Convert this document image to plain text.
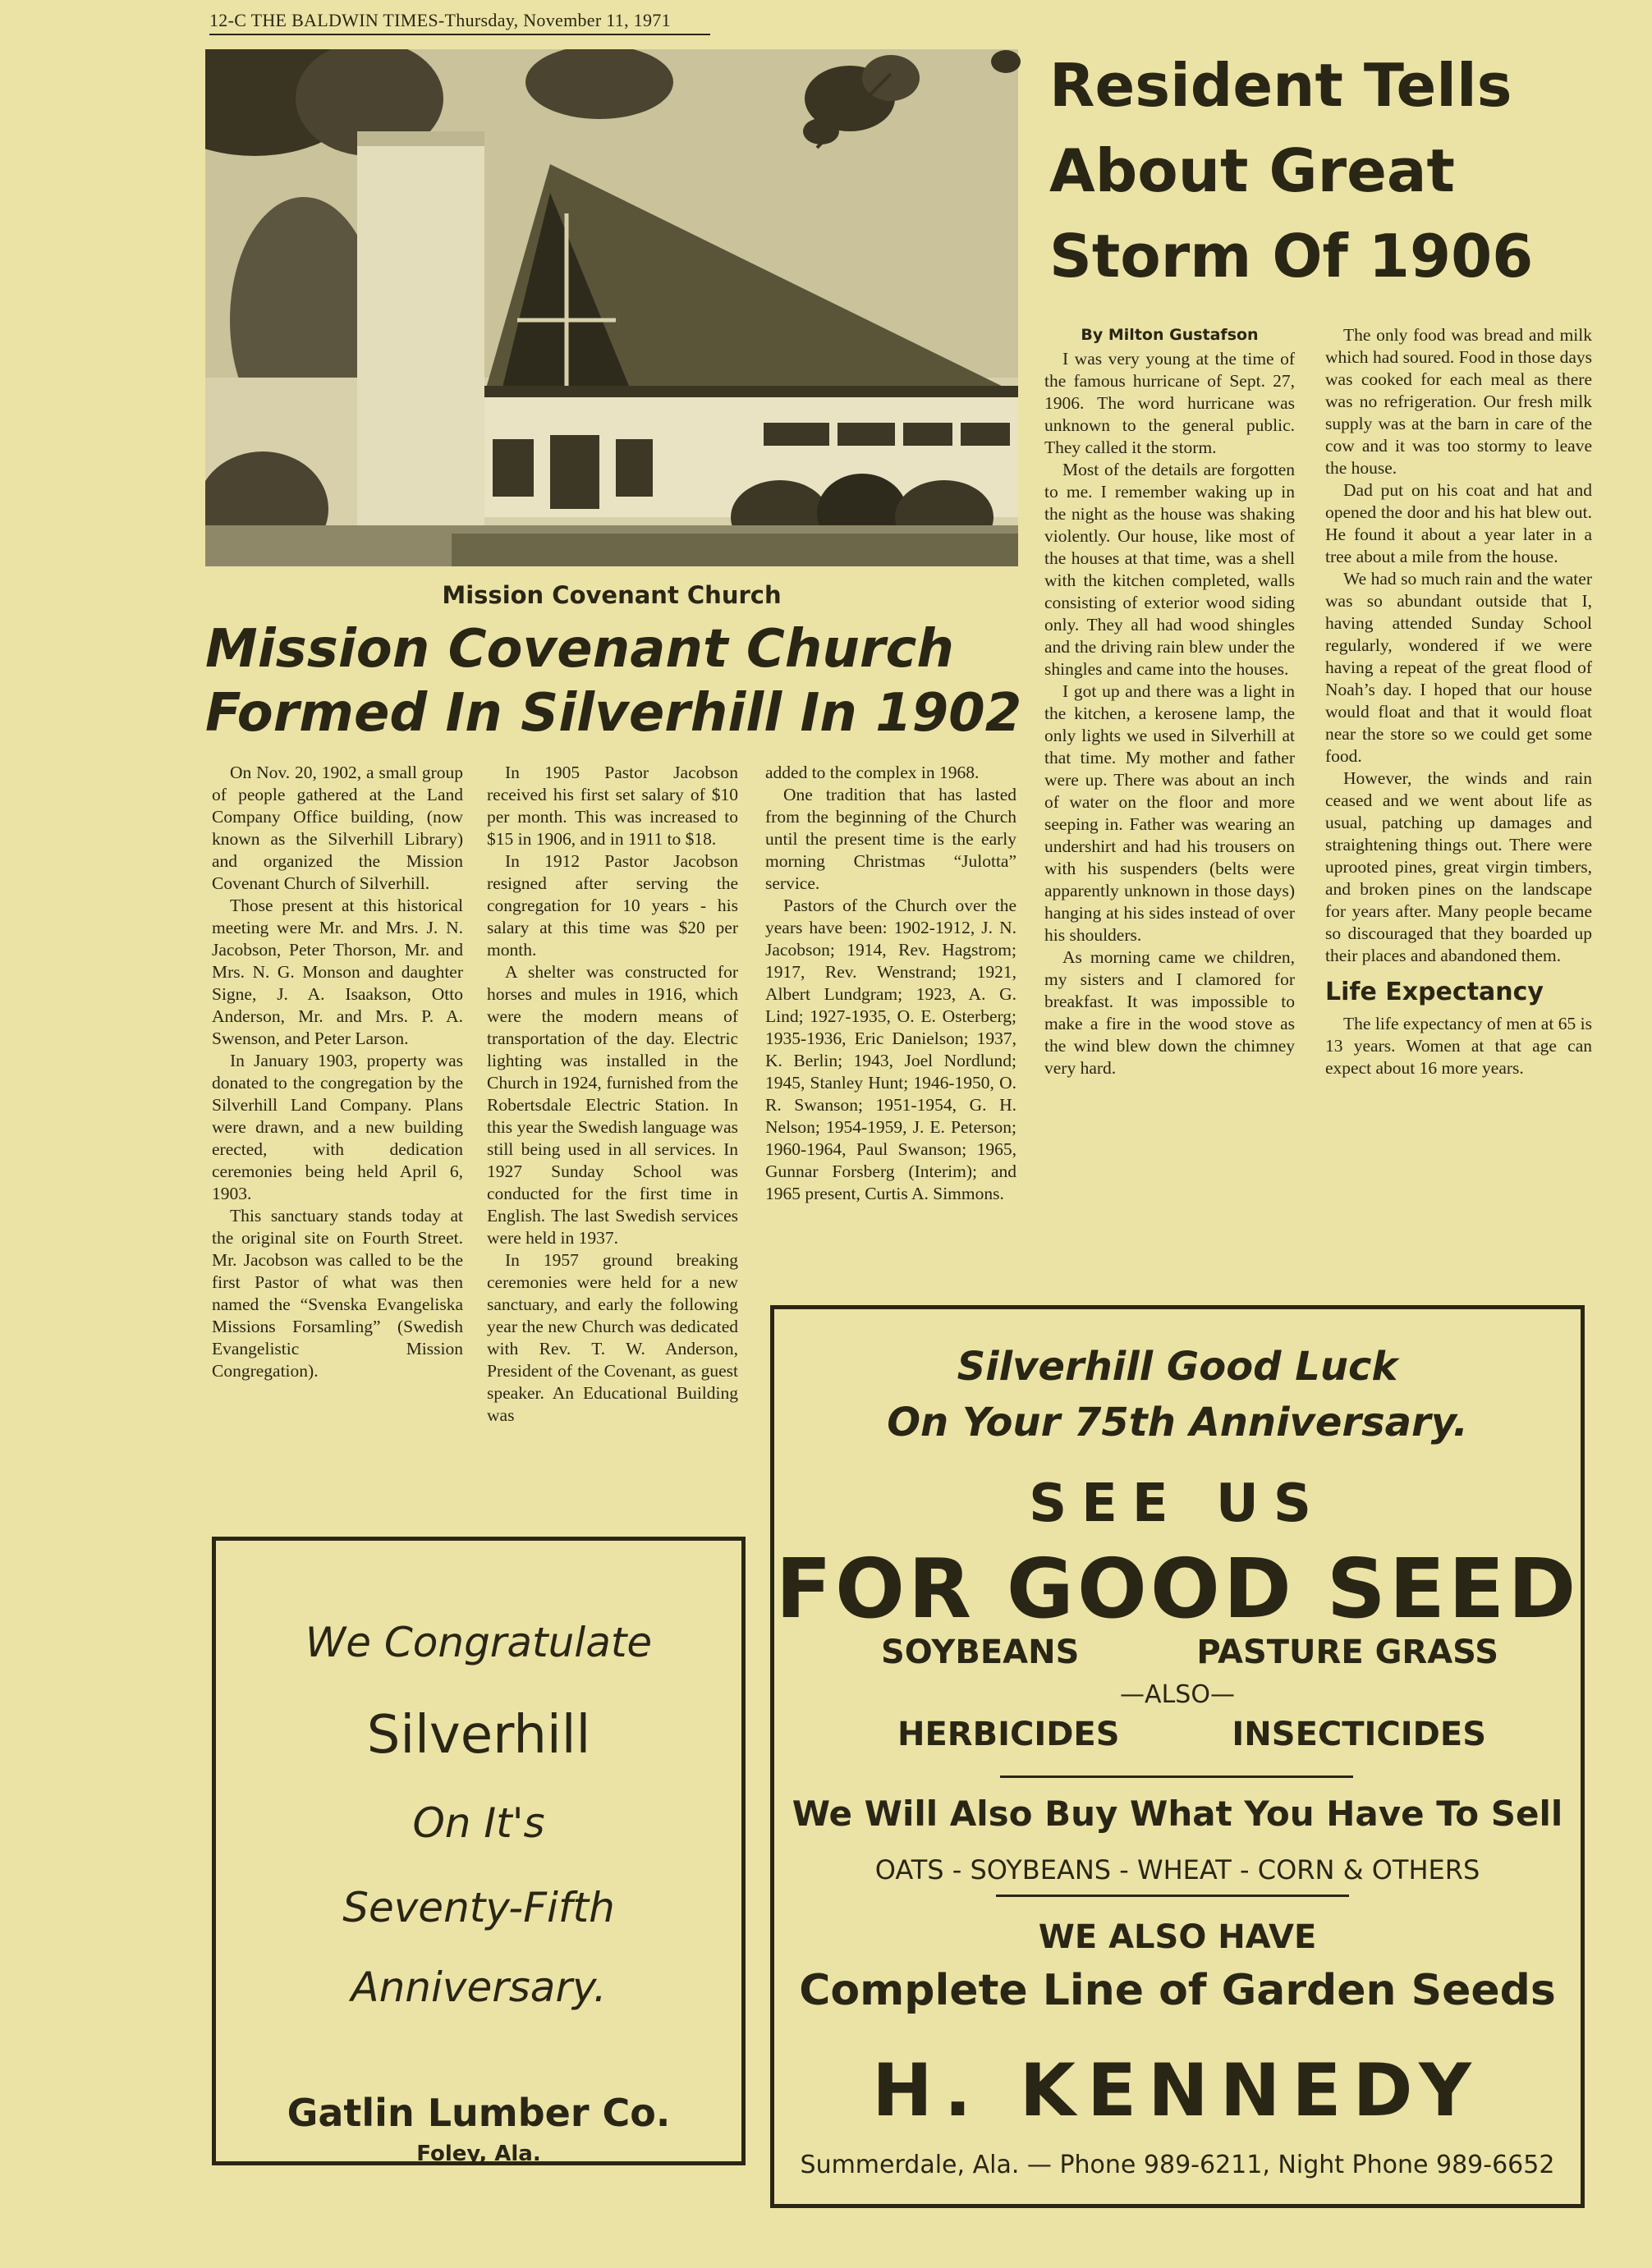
12-C THE BALDWIN TIMES-Thursday, November 11, 1971
Mission Covenant Church
Mission Covenant Church
Formed In Silverhill In 1902
Resident Tells
About Great
Storm Of 1906

On Nov. 20, 1902, a small group of people gathered at the Land Company Office building, (now known as the Silverhill Library) and organized the Mission Covenant Church of Silverhill.

Those present at this historical meeting were Mr. and Mrs. J. N. Jacobson, Peter Thorson, Mr. and Mrs. N. G. Monson and daughter Signe, J. A. Isaakson, Otto Anderson, Mr. and Mrs. P. A. Swenson, and Peter Larson.

In January 1903, property was donated to the congregation by the Silverhill Land Company. Plans were drawn, and a new building erected, with dedication ceremonies being held April 6, 1903.

This sanctuary stands today at the original site on Fourth Street. Mr. Jacobson was called to be the first Pastor of what was then named the “Svenska Evangeliska Missions Forsamling” (Swedish Evangelistic Mission Congregation).

In 1905 Pastor Jacobson received his first set salary of $10 per month. This was increased to $15 in 1906, and in 1911 to $18.

In 1912 Pastor Jacobson resigned after serving the congregation for 10 years - his salary at this time was $20 per month.

A shelter was constructed for horses and mules in 1916, which were the modern means of transportation of the day. Electric lighting was installed in the Church in 1924, furnished from the Robertsdale Electric Station. In this year the Swedish language was still being used in all services. In 1927 Sunday School was conducted for the first time in English. The last Swedish services were held in 1937.

In 1957 ground breaking ceremonies were held for a new sanctuary, and early the following year the new Church was dedicated with Rev. T. W. Anderson, President of the Covenant, as guest speaker. An Educational Building was

added to the complex in 1968.

One tradition that has lasted from the beginning of the Church until the present time is the early morning Christmas “Julotta” service.

Pastors of the Church over the years have been: 1902-1912, J. N. Jacobson; 1914, Rev. Hagstrom; 1917, Rev. Wenstrand; 1921, Albert Lundgram; 1923, A. G. Lind; 1927-1935, O. E. Osterberg; 1935-1936, Eric Danielson; 1937, K. Berlin; 1943, Joel Nordlund; 1945, Stanley Hunt; 1946-1950, O. R. Swanson; 1951-1954, G. H. Nelson; 1954-1959, J. E. Peterson; 1960-1964, Paul Swanson; 1965, Gunnar Forsberg (Interim); and 1965 present, Curtis A. Simmons.

By Milton Gustafson

I was very young at the time of the famous hurricane of Sept. 27, 1906. The word hurricane was unknown to the general public. They called it the storm.

Most of the details are forgotten to me. I remember waking up in the night as the house was shaking violently. Our house, like most of the houses at that time, was a shell with the kitchen completed, walls consisting of exterior wood siding only. They all had wood shingles and the driving rain blew under the shingles and came into the houses.

I got up and there was a light in the kitchen, a kerosene lamp, the only lights we used in Silverhill at that time. My mother and father were up. There was about an inch of water on the floor and more seeping in. Father was wearing an undershirt and had his trousers on with his suspenders (belts were apparently unknown in those days) hanging at his sides instead of over his shoulders.

As morning came we children, my sisters and I clamored for breakfast. It was impossible to make a fire in the wood stove as the wind blew down the chimney very hard.

The only food was bread and milk which had soured. Food in those days was cooked for each meal as there was no refrigeration. Our fresh milk supply was at the barn in care of the cow and it was too stormy to leave the house.

Dad put on his coat and hat and opened the door and his hat blew out. He found it about a year later in a tree about a mile from the house.

We had so much rain and the water was so abundant outside that I, having attended Sunday School regularly, wondered if we were having a repeat of the great flood of Noah’s day. I hoped that our house would float and that it would float near the store so we could get some food.

However, the winds and rain ceased and we went about life as usual, patching up damages and straightening things out. There were uprooted pines, great virgin timbers, and broken pines on the landscape for years after. Many people became so discouraged that they boarded up their places and abandoned them.

Life Expectancy

The life expectancy of men at 65 is 13 years. Women at that age can expect about 16 more years.

We Congratulate
Silverhill
On It's
Seventy-Fifth
Anniversary.
Gatlin Lumber Co.
Foley, Ala.
Silverhill Good Luck
On Your 75th Anniversary.
SEE US
FOR GOOD SEED
SOYBEANS	PASTURE GRASS
—ALSO—
HERBICIDES	INSECTICIDES
We Will Also Buy What You Have To Sell
OATS - SOYBEANS - WHEAT - CORN & OTHERS
WE ALSO HAVE
Complete Line of Garden Seeds
H. KENNEDY
Summerdale, Ala. — Phone 989-6211, Night Phone 989-6652
